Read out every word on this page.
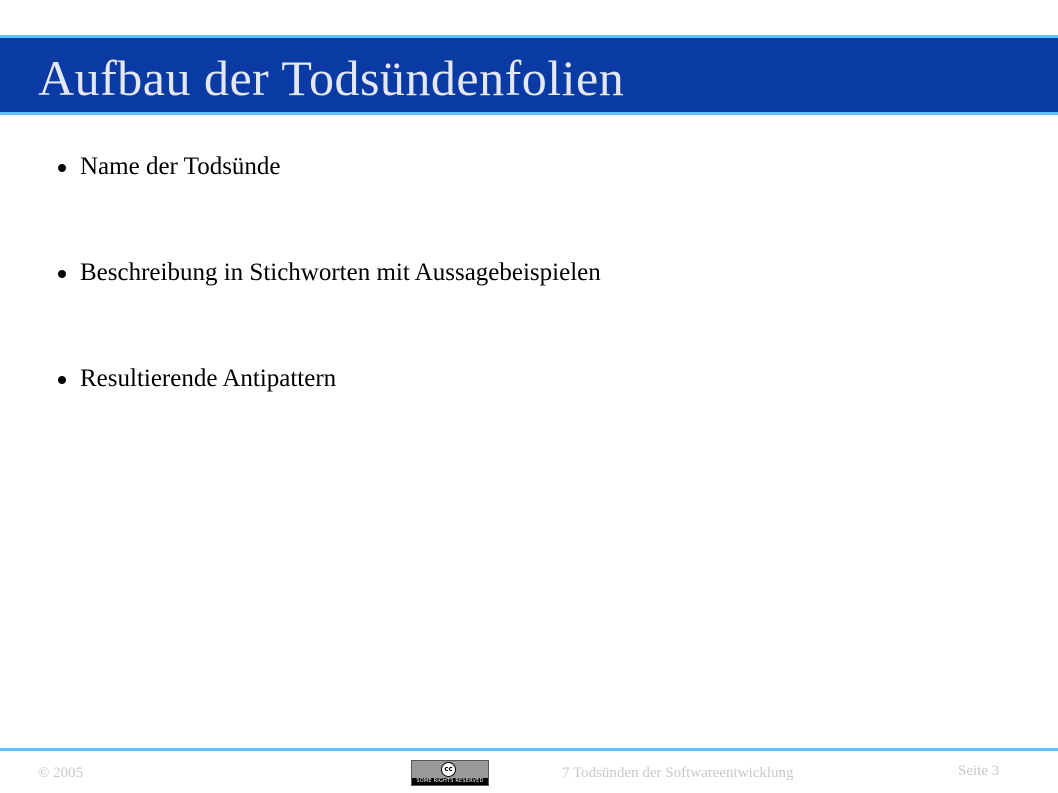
Aufbau der Todsündenfolien
Name der Todsünde
Beschreibung in Stichworten mit Aussagebeispielen
Resultierende Antipattern
© 2005	cc
SOME RIGHTS RESERVED	7 Todsünden der Softwareentwicklung	Seite 3
